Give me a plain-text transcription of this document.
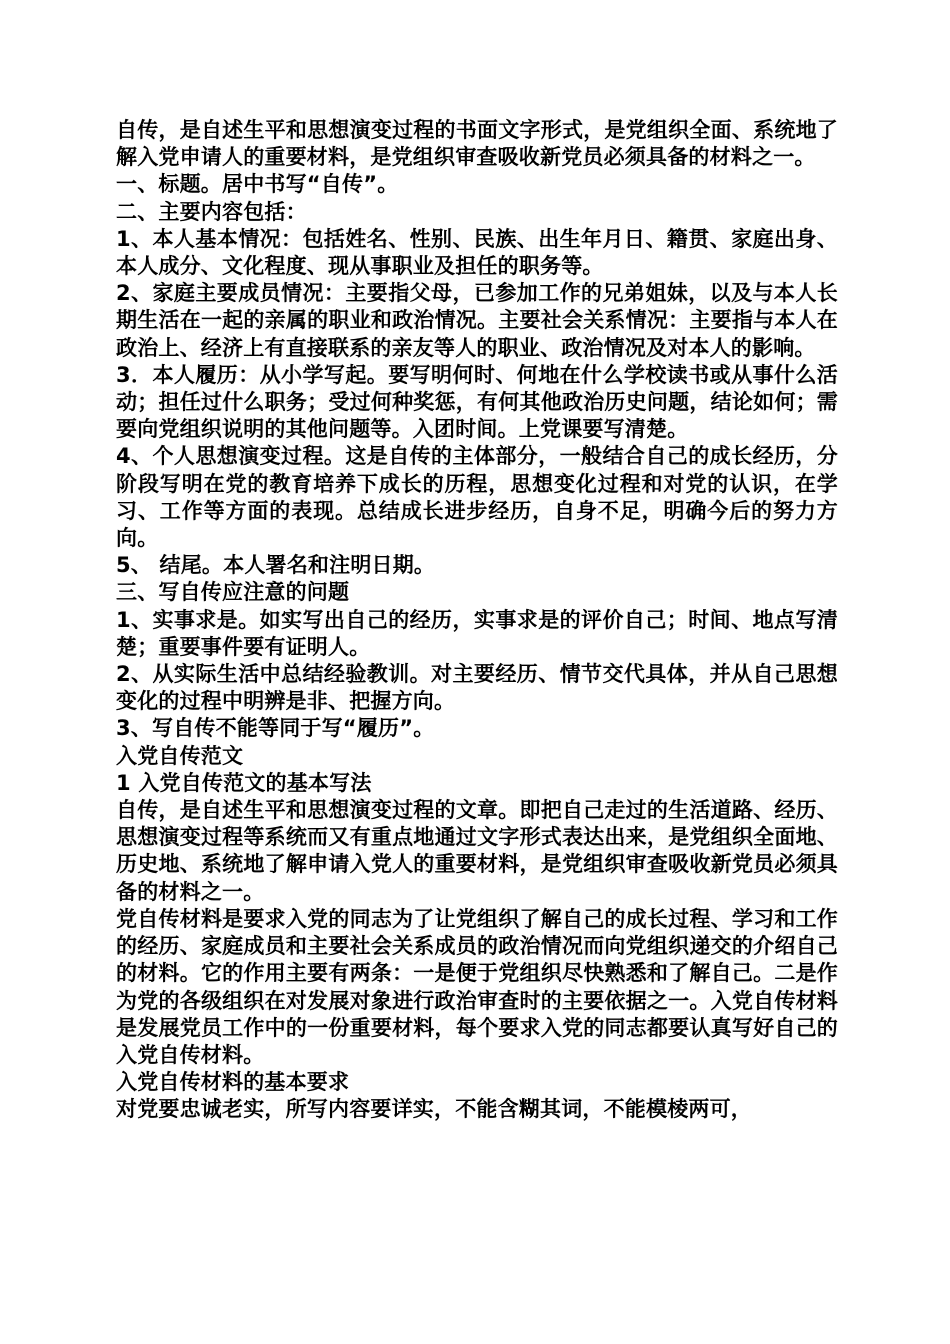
自传，是自述生平和思想演变过程的书面文字形式，是党组织全面、系统地了解入党申请人的重要材料，是党组织审查吸收新党员必须具备的材料之一。

一、标题。居中书写“自传”。

二、主要内容包括：

1、本人基本情况：包括姓名、性别、民族、出生年月日、籍贯、家庭出身、本人成分、文化程度、现从事职业及担任的职务等。

2、家庭主要成员情况：主要指父母，已参加工作的兄弟姐妹，以及与本人长期生活在一起的亲属的职业和政治情况。主要社会关系情况：主要指与本人在政治上、经济上有直接联系的亲友等人的职业、政治情况及对本人的影响。

3．本人履历：从小学写起。要写明何时、何地在什么学校读书或从事什么活动；担任过什么职务；受过何种奖惩，有何其他政治历史问题，结论如何；需要向党组织说明的其他问题等。入团时间。上党课要写清楚。

4、个人思想演变过程。这是自传的主体部分，一般结合自己的成长经历，分阶段写明在党的教育培养下成长的历程，思想变化过程和对党的认识，在学习、工作等方面的表现。总结成长进步经历，自身不足，明确今后的努力方向。

5、 结尾。本人署名和注明日期。

三、写自传应注意的问题

1、实事求是。如实写出自己的经历，实事求是的评价自己；时间、地点写清楚；重要事件要有证明人。

2、从实际生活中总结经验教训。对主要经历、情节交代具体，并从自己思想变化的过程中明辨是非、把握方向。

3、写自传不能等同于写“履历”。

入党自传范文

1 入党自传范文的基本写法

自传，是自述生平和思想演变过程的文章。即把自己走过的生活道路、经历、思想演变过程等系统而又有重点地通过文字形式表达出来，是党组织全面地、历史地、系统地了解申请入党人的重要材料，是党组织审查吸收新党员必须具备的材料之一。

党自传材料是要求入党的同志为了让党组织了解自己的成长过程、学习和工作的经历、家庭成员和主要社会关系成员的政治情况而向党组织递交的介绍自己的材料。它的作用主要有两条：一是便于党组织尽快熟悉和了解自己。二是作为党的各级组织在对发展对象进行政治审查时的主要依据之一。入党自传材料是发展党员工作中的一份重要材料，每个要求入党的同志都要认真写好自己的入党自传材料。

入党自传材料的基本要求

对党要忠诚老实，所写内容要详实，不能含糊其词，不能模棱两可，
